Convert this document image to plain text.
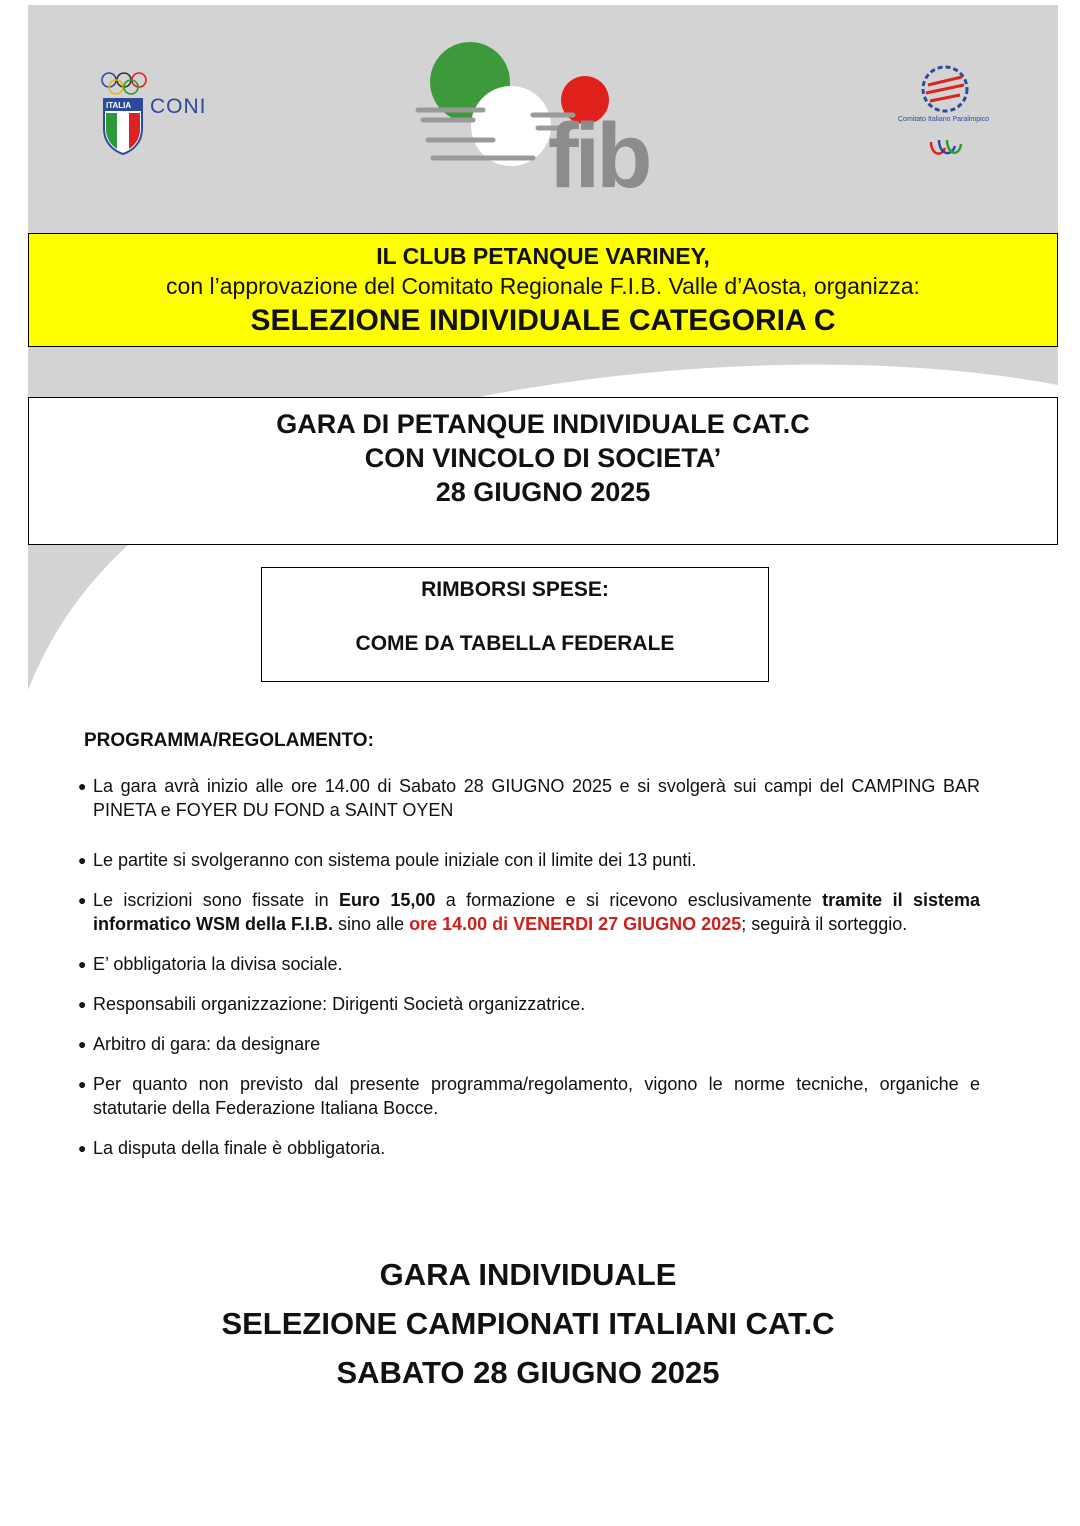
ITALIA CONI	fib	Comitato Italiano Paralimpico
IL CLUB PETANQUE VARINEY,
con l’approvazione del Comitato Regionale F.I.B. Valle d’Aosta, organizza:
SELEZIONE INDIVIDUALE CATEGORIA C
GARA DI PETANQUE INDIVIDUALE CAT.C
CON VINCOLO DI SOCIETA’
28 GIUGNO 2025
RIMBORSI SPESE:
COME DA TABELLA FEDERALE
PROGRAMMA/REGOLAMENTO:
● La gara avrà inizio alle ore 14.00 di Sabato 28 GIUGNO 2025 e si svolgerà sui campi del CAMPING BAR PINETA e FOYER DU FOND a SAINT OYEN
● Le partite si svolgeranno con sistema poule iniziale con il limite dei 13 punti.
● Le iscrizioni sono fissate in Euro 15,00 a formazione e si ricevono esclusivamente tramite il sistema informatico WSM della F.I.B. sino alle ore 14.00 di VENERDI 27 GIUGNO 2025; seguirà il sorteggio.
● E’ obbligatoria la divisa sociale.
● Responsabili organizzazione: Dirigenti Società organizzatrice.
● Arbitro di gara: da designare
● Per quanto non previsto dal presente programma/regolamento, vigono le norme tecniche, organiche e statutarie della Federazione Italiana Bocce.
● La disputa della finale è obbligatoria.
GARA INDIVIDUALE
SELEZIONE CAMPIONATI ITALIANI CAT.C
SABATO 28 GIUGNO 2025
